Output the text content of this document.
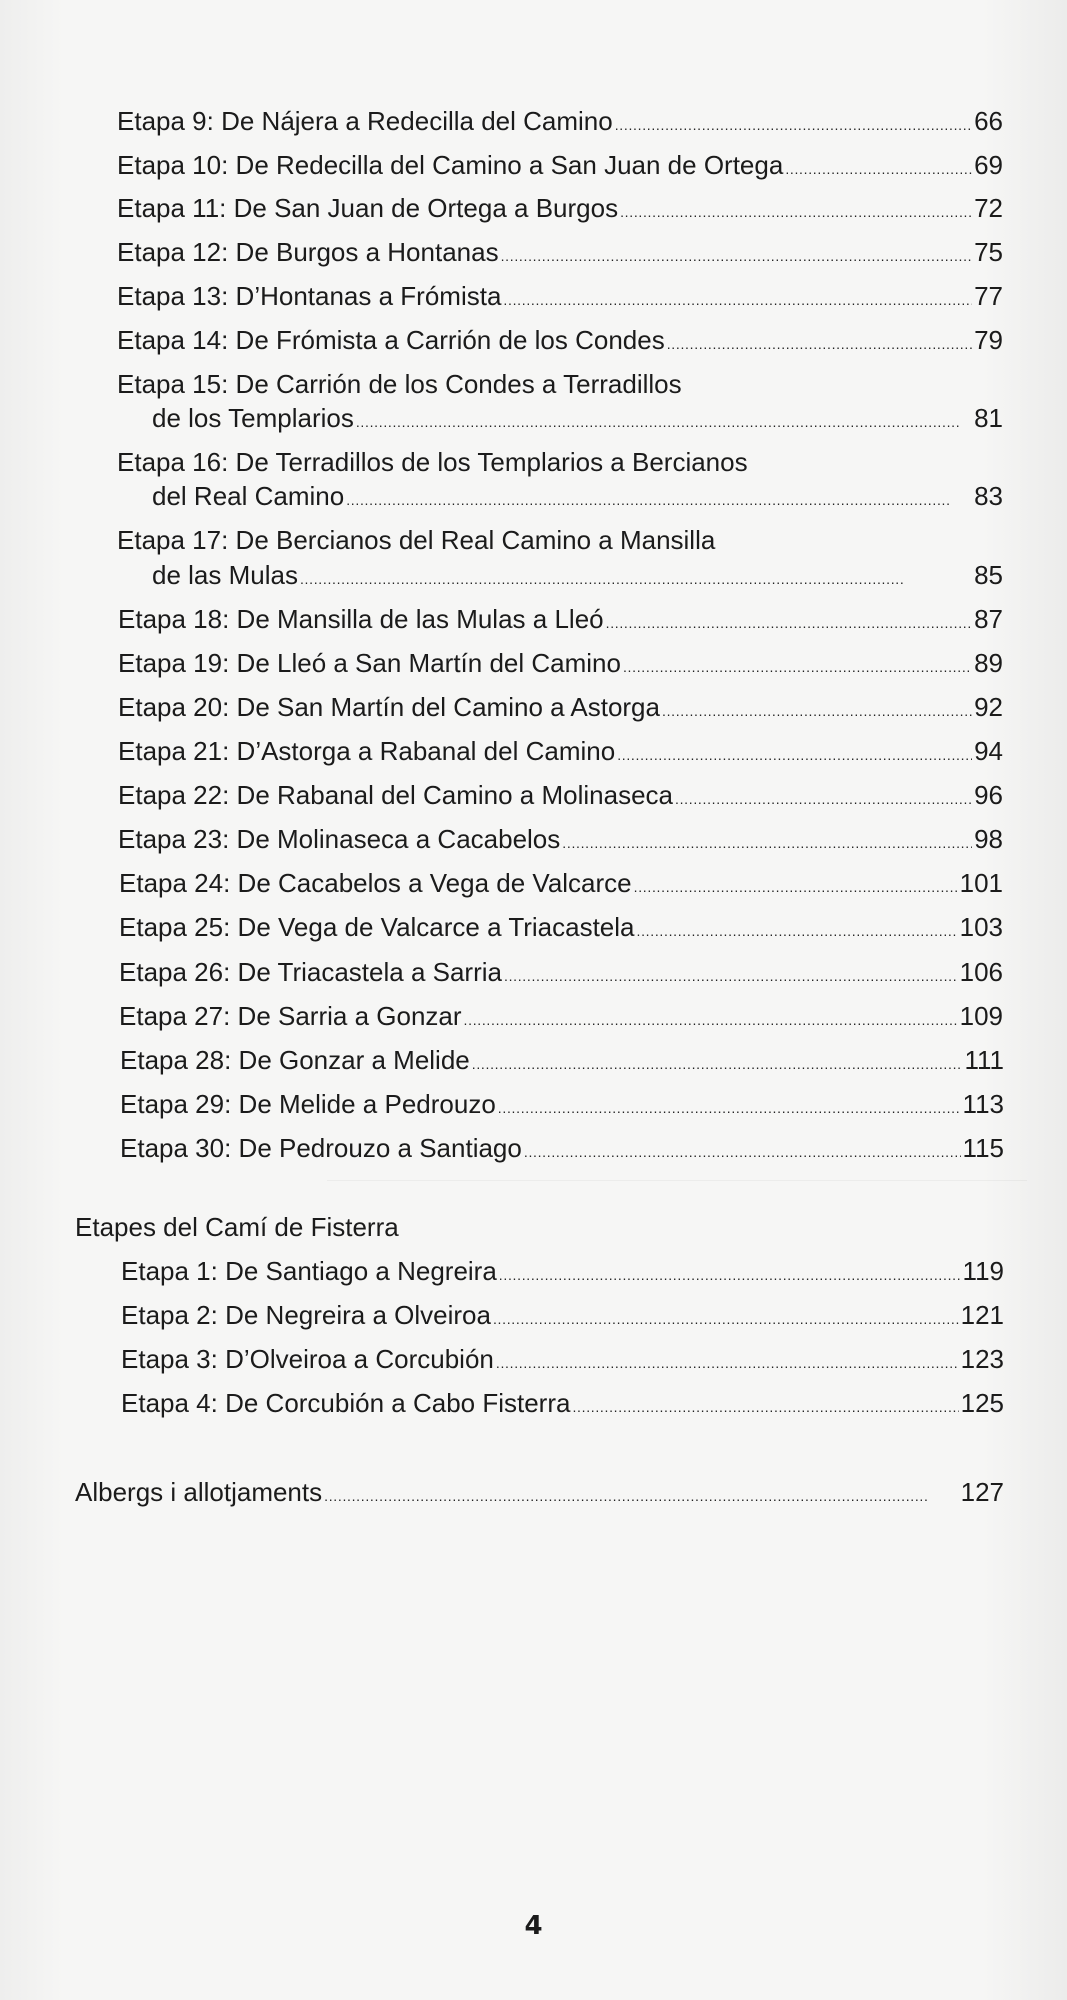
Etapa 9: De Nájera a Redecilla del Camino . . .	66
Etapa 10: De Redecilla del Camino a San Juan de Ortega . . .	69
Etapa 11: De San Juan de Ortega a Burgos . . .	72
Etapa 12: De Burgos a Hontanas . . .	75
Etapa 13: D’Hontanas a Frómista . . .	77
Etapa 14: De Frómista a Carrión de los Condes . . .	79
Etapa 15: De Carrión de los Condes a Terradillos
de los Templarios . . .	81
Etapa 16: De Terradillos de los Templarios a Bercianos
del Real Camino . . .	83
Etapa 17: De Bercianos del Real Camino a Mansilla
de las Mulas . . .	85
Etapa 18: De Mansilla de las Mulas a Lleó . . .	87
Etapa 19: De Lleó a San Martín del Camino . . .	89
Etapa 20: De San Martín del Camino a Astorga . . .	92
Etapa 21: D’Astorga a Rabanal del Camino . . .	94
Etapa 22: De Rabanal del Camino a Molinaseca . . .	96
Etapa 23: De Molinaseca a Cacabelos . . .	98
Etapa 24: De Cacabelos a Vega de Valcarce . . .	101
Etapa 25: De Vega de Valcarce a Triacastela . . .	103
Etapa 26: De Triacastela a Sarria . . .	106
Etapa 27: De Sarria a Gonzar . . .	109
Etapa 28: De Gonzar a Melide . . .	111
Etapa 29: De Melide a Pedrouzo . . .	113
Etapa 30: De Pedrouzo a Santiago . . .	115
Etapes del Camí de Fisterra
Etapa 1: De Santiago a Negreira . . .	119
Etapa 2: De Negreira a Olveiroa . . .	121
Etapa 3: D’Olveiroa a Corcubión . . .	123
Etapa 4: De Corcubión a Cabo Fisterra . . .	125
Albergs i allotjaments . . .	127
4
